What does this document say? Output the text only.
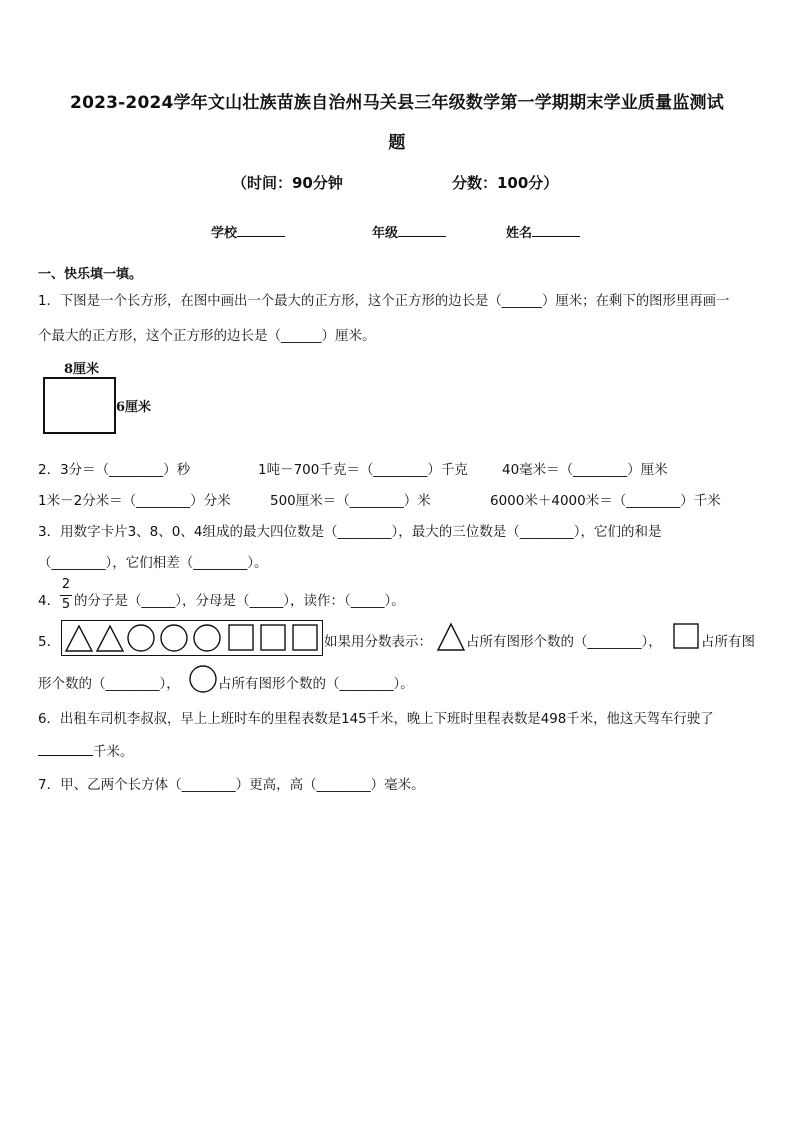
2023-2024学年文山壮族苗族自治州马关县三年级数学第一学期期末学业质量监测试
题
（时间：90分钟	分数：100分）
学校	年级	姓名
一、快乐填一填。
1．下图是一个长方形，在图中画出一个最大的正方形，这个正方形的边长是（______）厘米；在剩下的图形里再画一
个最大的正方形，这个正方形的边长是（______）厘米。
8厘米
6厘米
2．3分＝（________）秒	1吨－700千克＝（________）千克	40毫米＝（________）厘米
1米－2分米＝（________）分米	500厘米＝（________）米	6000米＋4000米＝（________）千米
3．用数字卡片3、8、0、4组成的最大四位数是（________），最大的三位数是（________），它们的和是
（________），它们相差（________）。
4．
2
5 的分子是（_____），分母是（_____），读作：（_____）。
5．	如果用分数表示：	占所有图形个数的（________），	占所有图
形个数的（________），	占所有图形个数的（________）。
6．出租车司机李叔叔，早上上班时车的里程表数是145千米，晚上下班时里程表数是498千米，他这天驾车行驶了
千米。
7．甲、乙两个长方体（________）更高，高（________）毫米。
